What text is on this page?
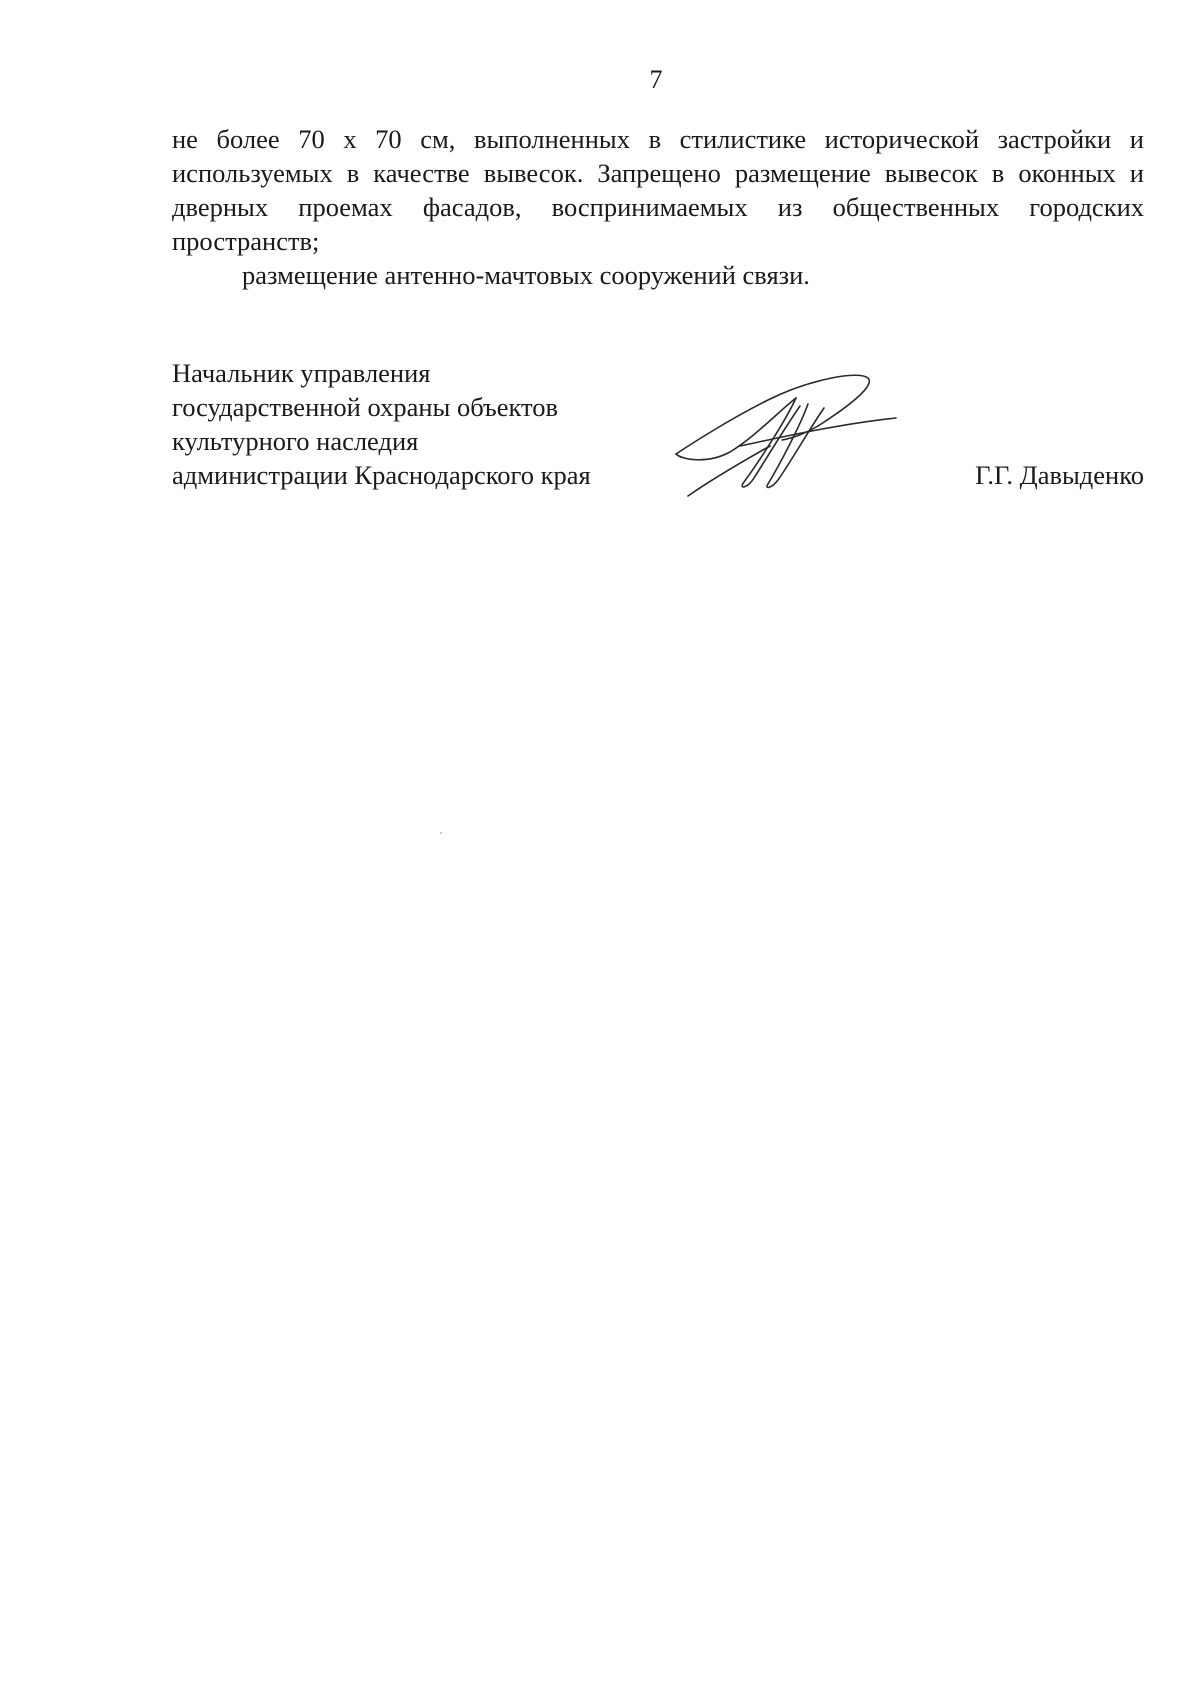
7

не более 70 х 70 см, выполненных в стилистике исторической застройки и используемых в качестве вывесок. Запрещено размещение вывесок в оконных и дверных проемах фасадов, воспринимаемых из общественных городских пространств;

размещение антенно-мачтовых сооружений связи.

Начальник управления
государственной охраны объектов
культурного наследия
администрации Краснодарского края	Г.Г. Давыденко
